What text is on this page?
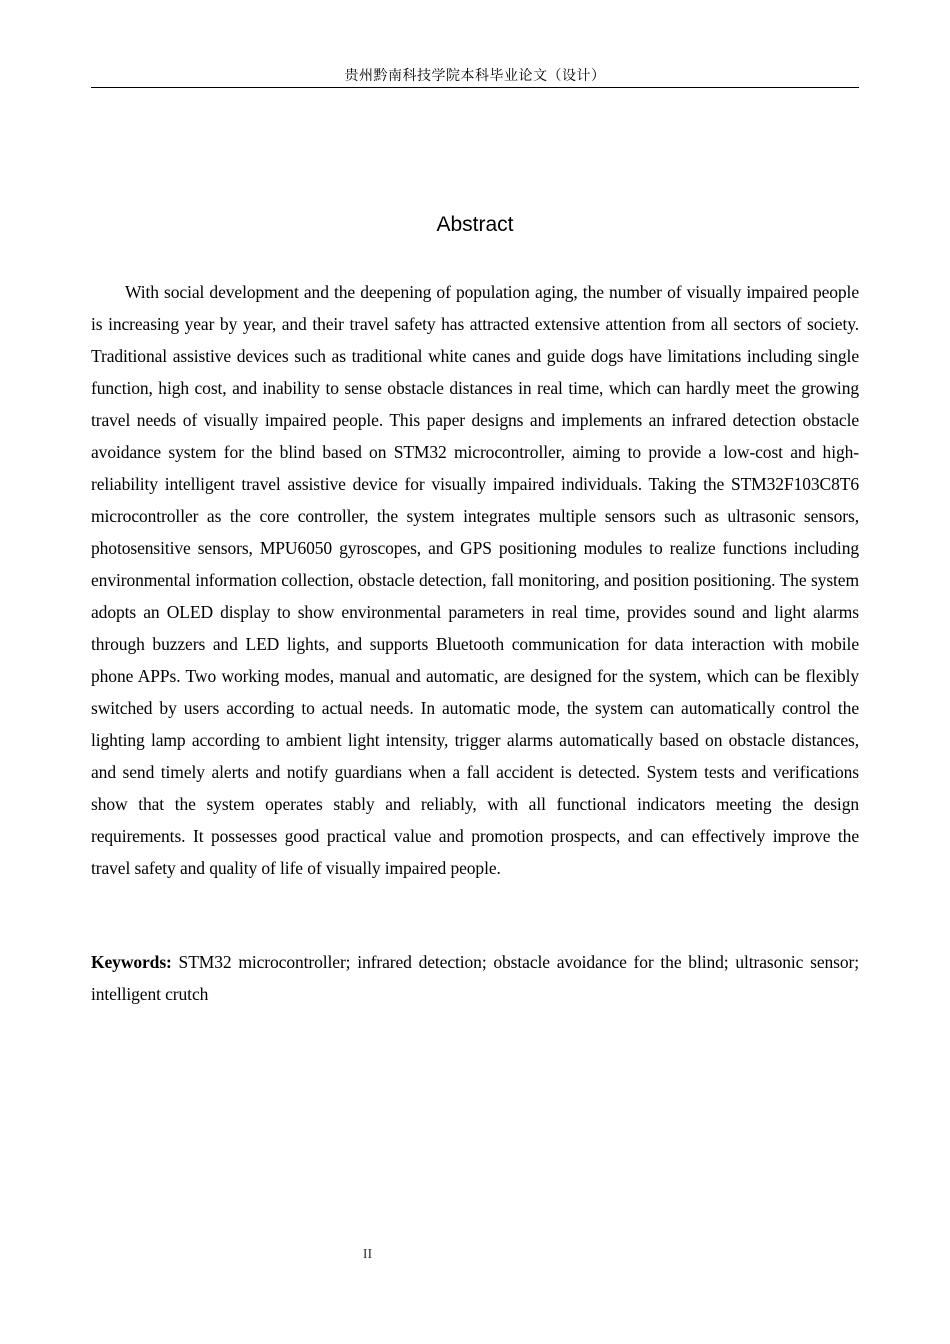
贵州黔南科技学院本科毕业论文（设计）
Abstract

With social development and the deepening of population aging, the number of visually impaired people is increasing year by year, and their travel safety has attracted extensive attention from all sectors of society. Traditional assistive devices such as traditional white canes and guide dogs have limitations including single function, high cost, and inability to sense obstacle distances in real time, which can hardly meet the growing travel needs of visually impaired people. This paper designs and implements an infrared detection obstacle avoidance system for the blind based on STM32 microcontroller, aiming to provide a low-cost and high-reliability intelligent travel assistive device for visually impaired individuals. Taking the STM32F103C8T6 microcontroller as the core controller, the system integrates multiple sensors such as ultrasonic sensors, photosensitive sensors, MPU6050 gyroscopes, and GPS positioning modules to realize functions including environmental information collection, obstacle detection, fall monitoring, and position positioning. The system adopts an OLED display to show environmental parameters in real time, provides sound and light alarms through buzzers and LED lights, and supports Bluetooth communication for data interaction with mobile phone APPs. Two working modes, manual and automatic, are designed for the system, which can be flexibly switched by users according to actual needs. In automatic mode, the system can automatically control the lighting lamp according to ambient light intensity, trigger alarms automatically based on obstacle distances, and send timely alerts and notify guardians when a fall accident is detected. System tests and verifications show that the system operates stably and reliably, with all functional indicators meeting the design requirements. It possesses good practical value and promotion prospects, and can effectively improve the travel safety and quality of life of visually impaired people.

Keywords: STM32 microcontroller; infrared detection; obstacle avoidance for the blind; ultrasonic sensor; intelligent crutch

II
